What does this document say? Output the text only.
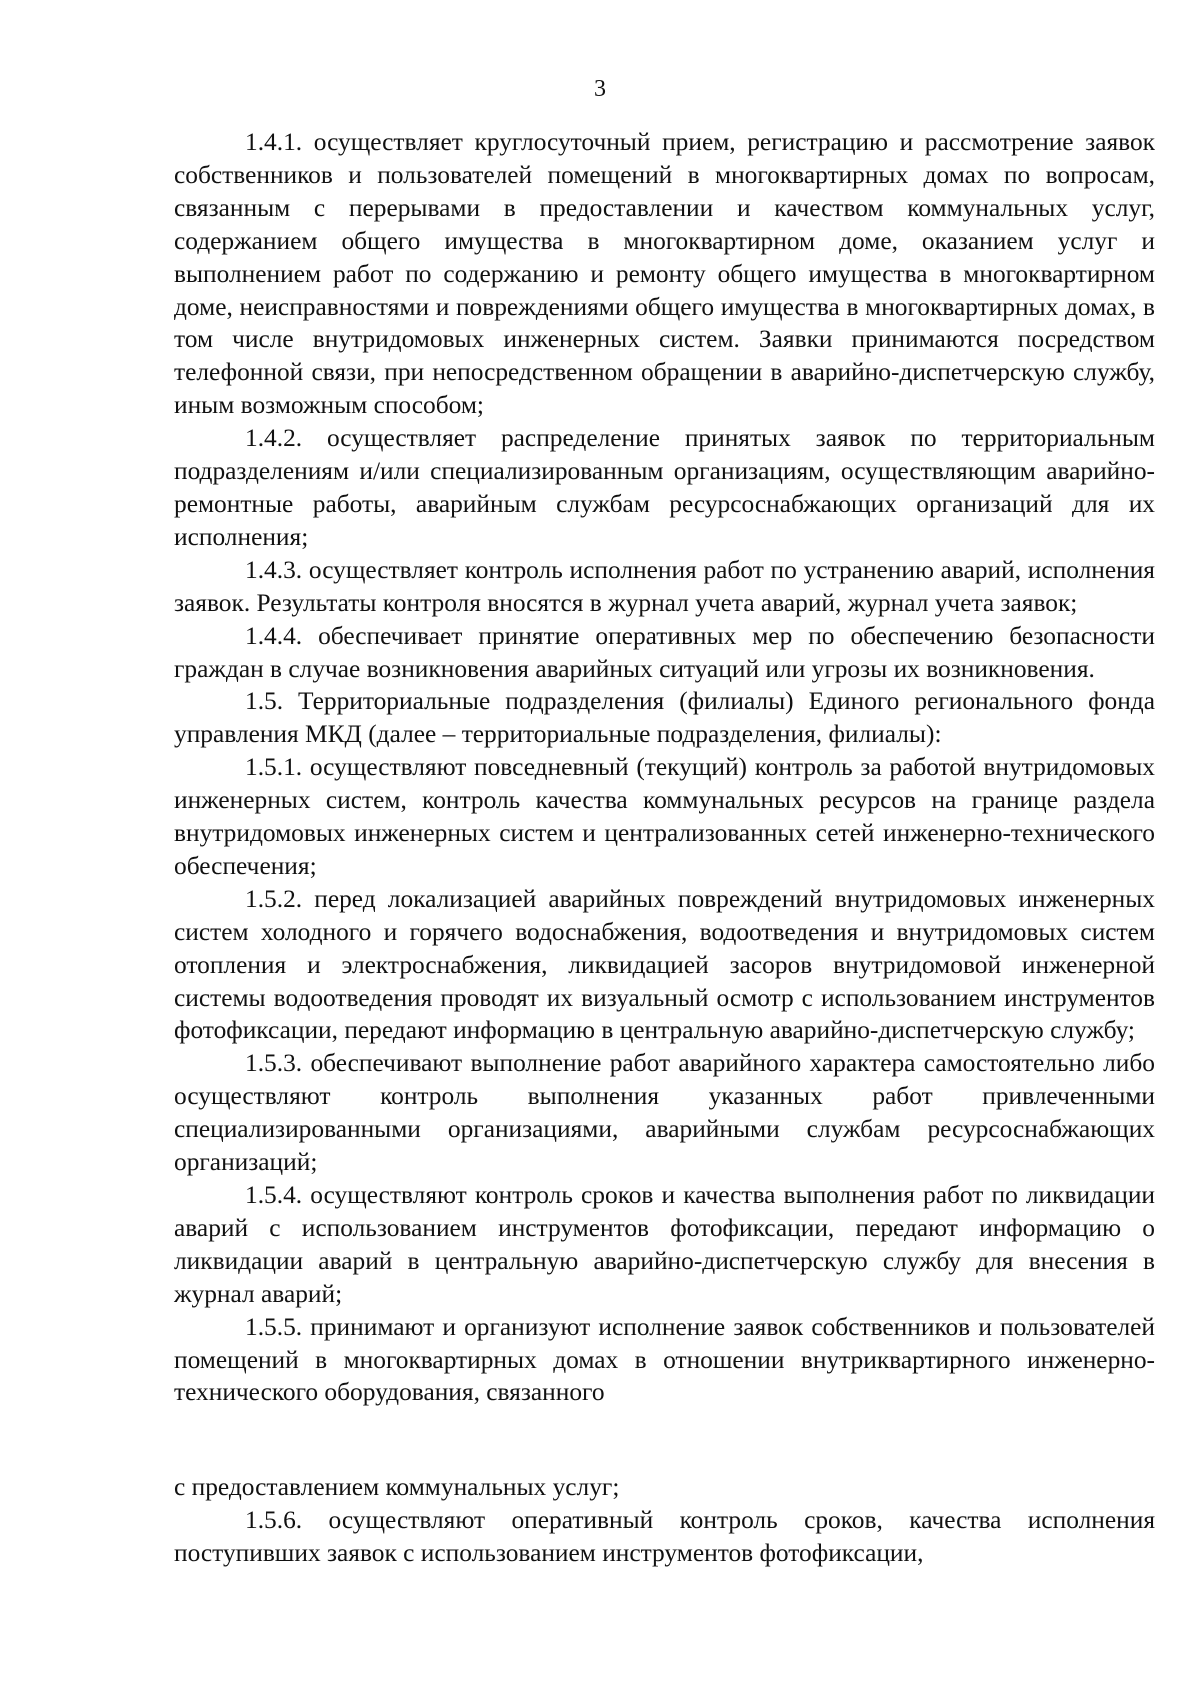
3

1.4.1. осуществляет круглосуточный прием, регистрацию и рассмотрение заявок собственников и пользователей помещений в многоквартирных домах по вопросам, связанным с перерывами в предоставлении и качеством коммунальных услуг, содержанием общего имущества в многоквартирном доме, оказанием услуг и выполнением работ по содержанию и ремонту общего имущества в многоквартирном доме, неисправностями и повреждениями общего имущества в многоквартирных домах, в том числе внутридомовых инженерных систем. Заявки принимаются посредством телефонной связи, при непосредственном обращении в аварийно-диспетчерскую службу, иным возможным способом;

1.4.2. осуществляет распределение принятых заявок по территориальным подразделениям и/или специализированным организациям, осуществляющим аварийно-ремонтные работы, аварийным службам ресурсоснабжающих организаций для их исполнения;

1.4.3. осуществляет контроль исполнения работ по устранению аварий, исполнения заявок. Результаты контроля вносятся в журнал учета аварий, журнал учета заявок;

1.4.4. обеспечивает принятие оперативных мер по обеспечению безопасности граждан в случае возникновения аварийных ситуаций или угрозы их возникновения.

1.5. Территориальные подразделения (филиалы) Единого регионального фонда управления МКД (далее – территориальные подразделения, филиалы):

1.5.1. осуществляют повседневный (текущий) контроль за работой внутридомовых инженерных систем, контроль качества коммунальных ресурсов на границе раздела внутридомовых инженерных систем и централизованных сетей инженерно-технического обеспечения;

1.5.2. перед локализацией аварийных повреждений внутридомовых инженерных систем холодного и горячего водоснабжения, водоотведения и внутридомовых систем отопления и электроснабжения, ликвидацией засоров внутридомовой инженерной системы водоотведения проводят их визуальный осмотр с использованием инструментов фотофиксации, передают информацию в центральную аварийно-диспетчерскую службу;

1.5.3. обеспечивают выполнение работ аварийного характера самостоятельно либо осуществляют контроль выполнения указанных работ привлеченными специализированными организациями, аварийными службам ресурсоснабжающих организаций;

1.5.4. осуществляют контроль сроков и качества выполнения работ по ликвидации аварий с использованием инструментов фотофиксации, передают информацию о ликвидации аварий в центральную аварийно-диспетчерскую службу для внесения в журнал аварий;

1.5.5. принимают и организуют исполнение заявок собственников и пользователей помещений в многоквартирных домах в отношении внутриквартирного инженерно-технического оборудования, связанного

с предоставлением коммунальных услуг;

1.5.6. осуществляют оперативный контроль сроков, качества исполнения поступивших заявок с использованием инструментов фотофиксации,
